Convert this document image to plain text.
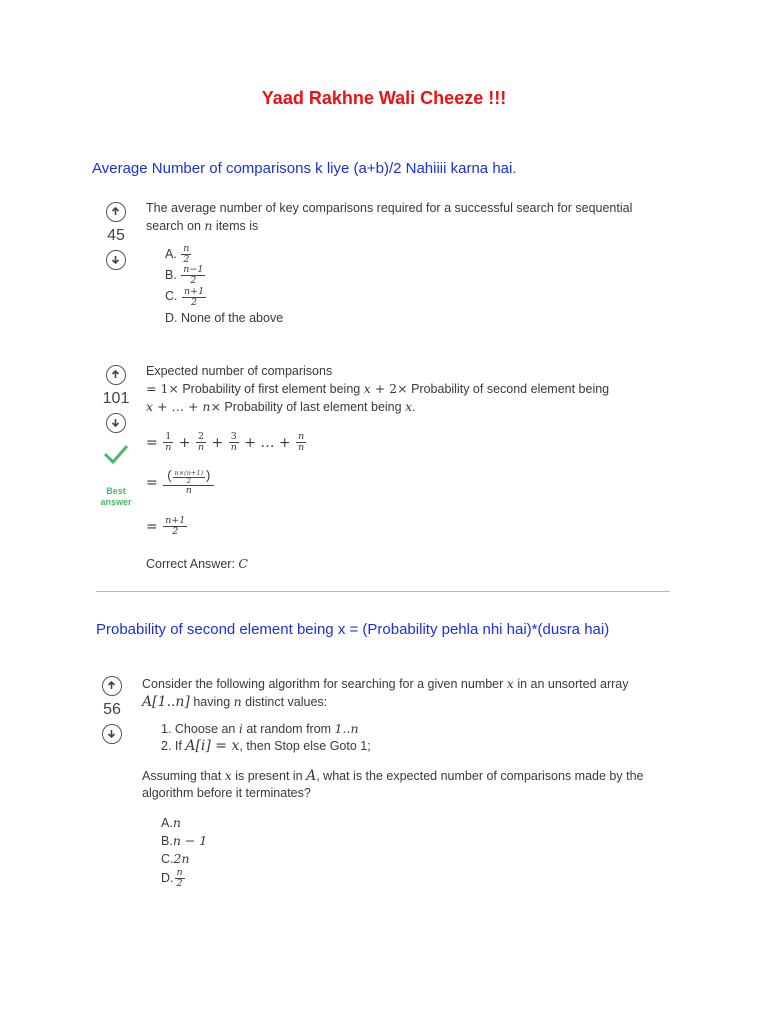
Yaad Rakhne Wali Cheeze !!!
Average Number of comparisons k liye (a+b)/2 Nahiiii karna hai.
45
The average number of key comparisons required for a successful search for sequential search on n items is
A. $\frac{n}{2}$
B. $\frac{n-1}{2}$
C. $\frac{n+1}{2}$
D. None of the above
101
Best answer
Expected number of comparisons
= 1× Probability of first element being x + 2× Probability of second element being
x + … + n× Probability of last element being x.
= $\frac{1}{n} + \frac{2}{n} + \frac{3}{n}$
+ … +
$\frac{n}{n}$
= $\frac{( \frac{n\times(n+1)}{2} )}{n}$
= $\frac{n+1}{2}$
Correct Answer: C
Probability of second element being x = (Probability pehla nhi hai)*(dusra hai)
56
Consider the following algorithm for searching for a given number x in an unsorted array
A[1..n] having n distinct values:
1. Choose an i at random from 1..n
2. If A[i] = x, then Stop else Goto 1;
Assuming that x is present in A, what is the expected number of comparisons made by the algorithm before it terminates?
A.n
B.n − 1
C.2n
D. $\frac{n}{2}$
